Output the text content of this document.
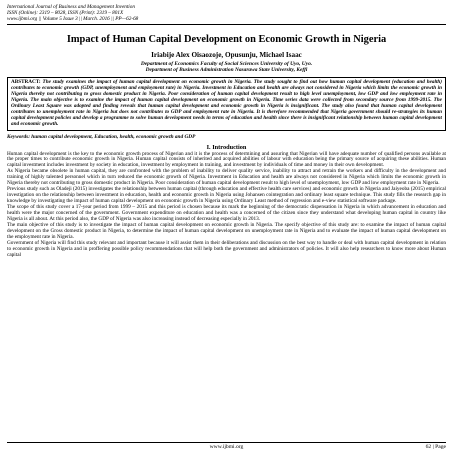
International Journal of Business and Management Invention
ISSN (Online): 2319 – 8028, ISSN (Print): 2319 – 801X
www.ijbmi.org || Volume 5 Issue 3 || March. 2016 || PP—62-68
Impact of Human Capital Development on Economic Growth in Nigeria
Iriabije Alex Oisaozoje, Opusunju, Michael Isaac
Department of Economics Faculty of Social Sciences University of Uyo, Uyo.
Department of Business Administration Nasarawa State University, Keffi
ABSTRACT: The study examines the impact of human capital development on economic growth in Nigeria. The study sought to find out how human capital development (education and health) contributes to economic growth (GDP, unemployment and employment rate) in Nigeria. Investment in Education and health are always not considered in Nigeria which limits the economic growth in Nigeria thereby not contributing to gross domestic product in Nigeria. Poor consideration of human capital development result to high level unemployment, low GDP and low employment rate in Nigeria. The main objective is to examine the impact of human capital development on economic growth in Nigeria. Time series data were collected from secondary source from 1999-2015. The Ordinary Least Square was adopted and finding reveals that human capital development and economic growth in Nigeria is insignificant. The study also found that human capital development contributes to unemployment rate in Nigeria but does not contributes to GDP and employment rate in Nigeria. It is therefore recommended that Nigeria government should re-strategies its human capital development policies and develop a programme to solve human development needs in terms of education and health since there is insignificant relationship between human capital development and economic growth.
Keywords: human capital development, Education, health, economic growth and GDP
I. Introduction

Human capital development is the key to the economic growth process of Nigerian and it is the process of determining and assuring that Nigerian will have adequate number of qualified persons available at the proper times to contribute economic growth in Nigeria. Human capital consists of inherited and acquired abilities of labour with education being the primary source of acquiring these abilities. Human capital investment includes investment by society in education, investment by employment in training, and investment by individuals of time and money in their own development.

As Nigeria became obsolete in human capital, they are confronted with the problem of inability to deliver quality service, inability to attract and retrain the workers and difficulty in the development and training of highly talented personnel which in turn reduced the economic growth of Nigeria. Investment in Education and health are always not considered in Nigeria which limits the economic growth in Nigeria thereby not contributing to gross domestic product in Nigeria. Poor consideration of human capital development result to high level of unemployment, low GDP and low employment rate in Nigeria.

Previous study such as Oladeji (2015) investigates the relationship between human capital (through education and effective health care services) and economic growth in Nigeria and Jaiyeoba (2015) empirical investigation on the relationship between investment in education, health and economic growth in Nigeria using Johansen cointegration and ordinary least square technique. This study fills the research gap in knowledge by investigating the impact of human capital development on economic growth in Nigeria using Ordinary Least method of regression and e-view statistical software package.

The scope of this study cover a 17-year period from 1999 – 2015 and this period is chosen because its mark the beginning of the democratic dispensation in Nigeria in which advancement in education and health were the major concerned of the government. Government expenditure on education and health was a concerned of the citizen since they understand what developing human capital in country like Nigeria is all about. At this period also, the GDP of Nigeria was also increasing instead of decreasing especially in 2013.

The main objective of this study is to investigate the impact of human capital development on economic growth in Nigeria. The specify objective of this study are: to examine the impact of human capital development on the Gross domestic product in Nigeria, to determine the impact of human capital development on unemployment rate in Nigeria and to evaluate the impact of human capital development on the employment rate in Nigeria.

Government of Nigeria will find this study relevant and important because it will assist them in their deliberations and discussion on the best way to handle or deal with human capital development in relation to economic growth in Nigeria and in proffering possible policy recommendations that will help both the government and administrators of policies. It will also help researchers to know more about Human capital

www.ijbmi.org	62 | Page
